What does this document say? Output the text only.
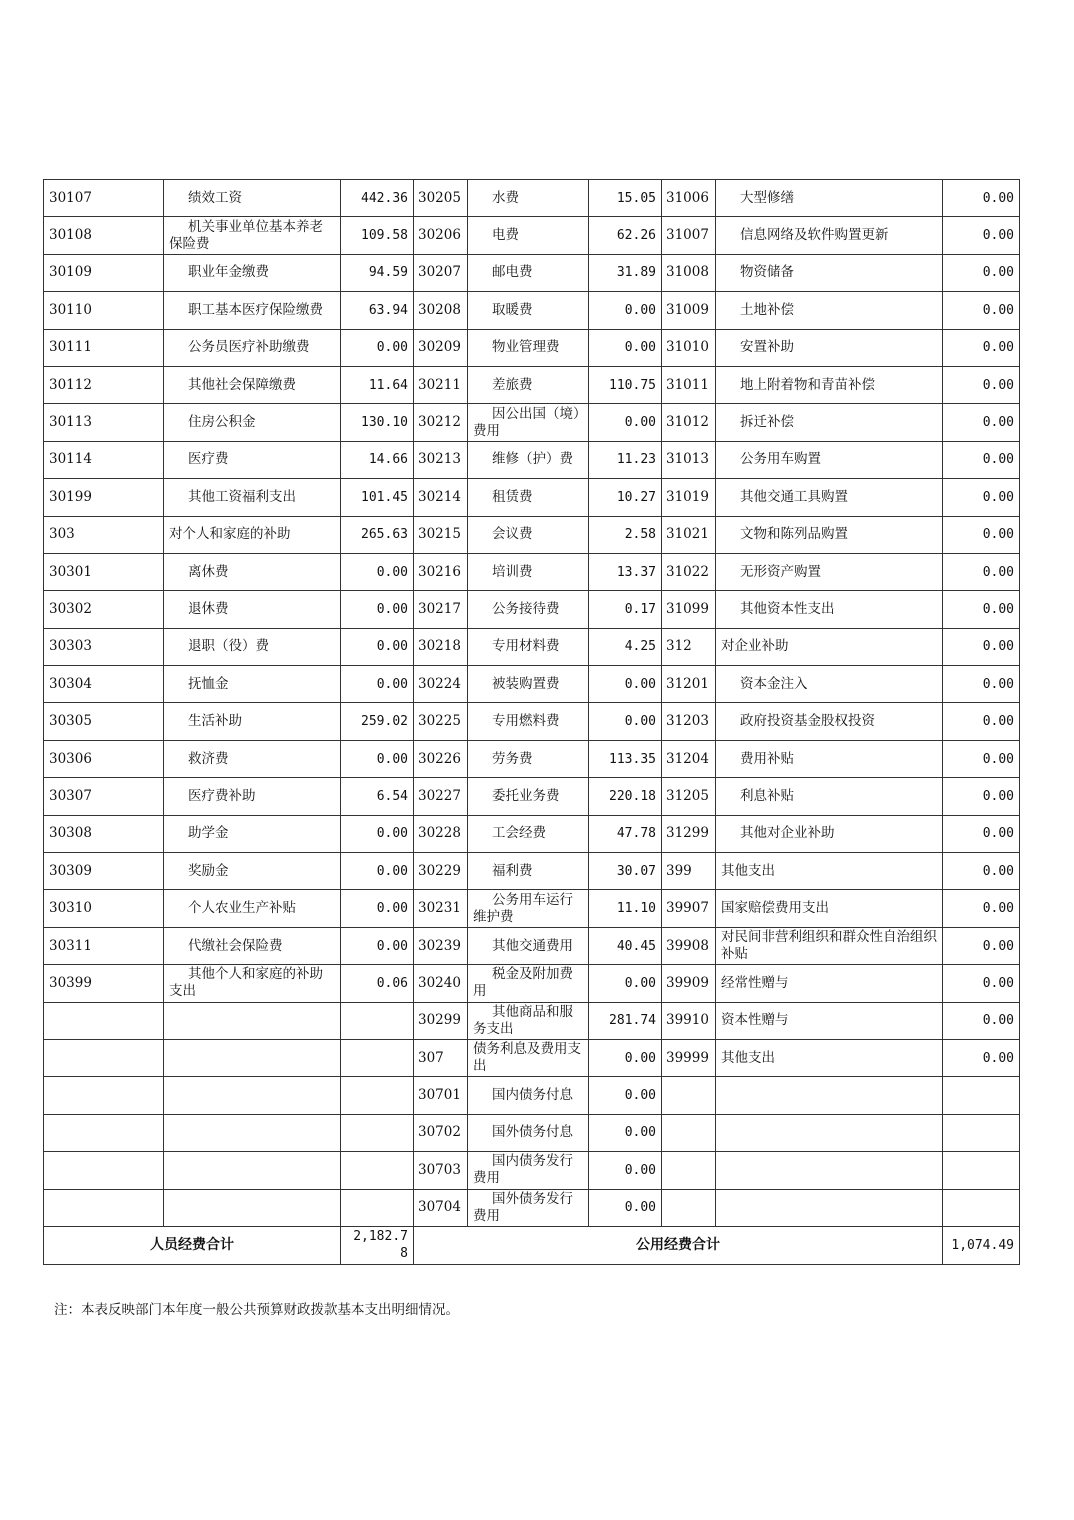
30107	绩效工资	442.36	30205	水费	15.05	31006	大型修缮	0.00
30108	机关事业单位基本养老保险费	109.58	30206	电费	62.26	31007	信息网络及软件购置更新	0.00
30109	职业年金缴费	94.59	30207	邮电费	31.89	31008	物资储备	0.00
30110	职工基本医疗保险缴费	63.94	30208	取暖费	0.00	31009	土地补偿	0.00
30111	公务员医疗补助缴费	0.00	30209	物业管理费	0.00	31010	安置补助	0.00
30112	其他社会保障缴费	11.64	30211	差旅费	110.75	31011	地上附着物和青苗补偿	0.00
30113	住房公积金	130.10	30212	因公出国（境）费用	0.00	31012	拆迁补偿	0.00
30114	医疗费	14.66	30213	维修（护）费	11.23	31013	公务用车购置	0.00
30199	其他工资福利支出	101.45	30214	租赁费	10.27	31019	其他交通工具购置	0.00
303	对个人和家庭的补助	265.63	30215	会议费	2.58	31021	文物和陈列品购置	0.00
30301	离休费	0.00	30216	培训费	13.37	31022	无形资产购置	0.00
30302	退休费	0.00	30217	公务接待费	0.17	31099	其他资本性支出	0.00
30303	退职（役）费	0.00	30218	专用材料费	4.25	312	对企业补助	0.00
30304	抚恤金	0.00	30224	被装购置费	0.00	31201	资本金注入	0.00
30305	生活补助	259.02	30225	专用燃料费	0.00	31203	政府投资基金股权投资	0.00
30306	救济费	0.00	30226	劳务费	113.35	31204	费用补贴	0.00
30307	医疗费补助	6.54	30227	委托业务费	220.18	31205	利息补贴	0.00
30308	助学金	0.00	30228	工会经费	47.78	31299	其他对企业补助	0.00
30309	奖励金	0.00	30229	福利费	30.07	399	其他支出	0.00
30310	个人农业生产补贴	0.00	30231	公务用车运行维护费	11.10	39907	国家赔偿费用支出	0.00
30311	代缴社会保险费	0.00	30239	其他交通费用	40.45	39908	对民间非营利组织和群众性自治组织补贴	0.00
30399	其他个人和家庭的补助支出	0.06	30240	税金及附加费用	0.00	39909	经常性赠与	0.00
			30299	其他商品和服务支出	281.74	39910	资本性赠与	0.00
			307	债务利息及费用支出	0.00	39999	其他支出	0.00
			30701	国内债务付息	0.00			
			30702	国外债务付息	0.00			
			30703	国内债务发行费用	0.00			
			30704	国外债务发行费用	0.00			
人员经费合计		2,182.78	公用经费合计					1,074.49
注：本表反映部门本年度一般公共预算财政拨款基本支出明细情况。
